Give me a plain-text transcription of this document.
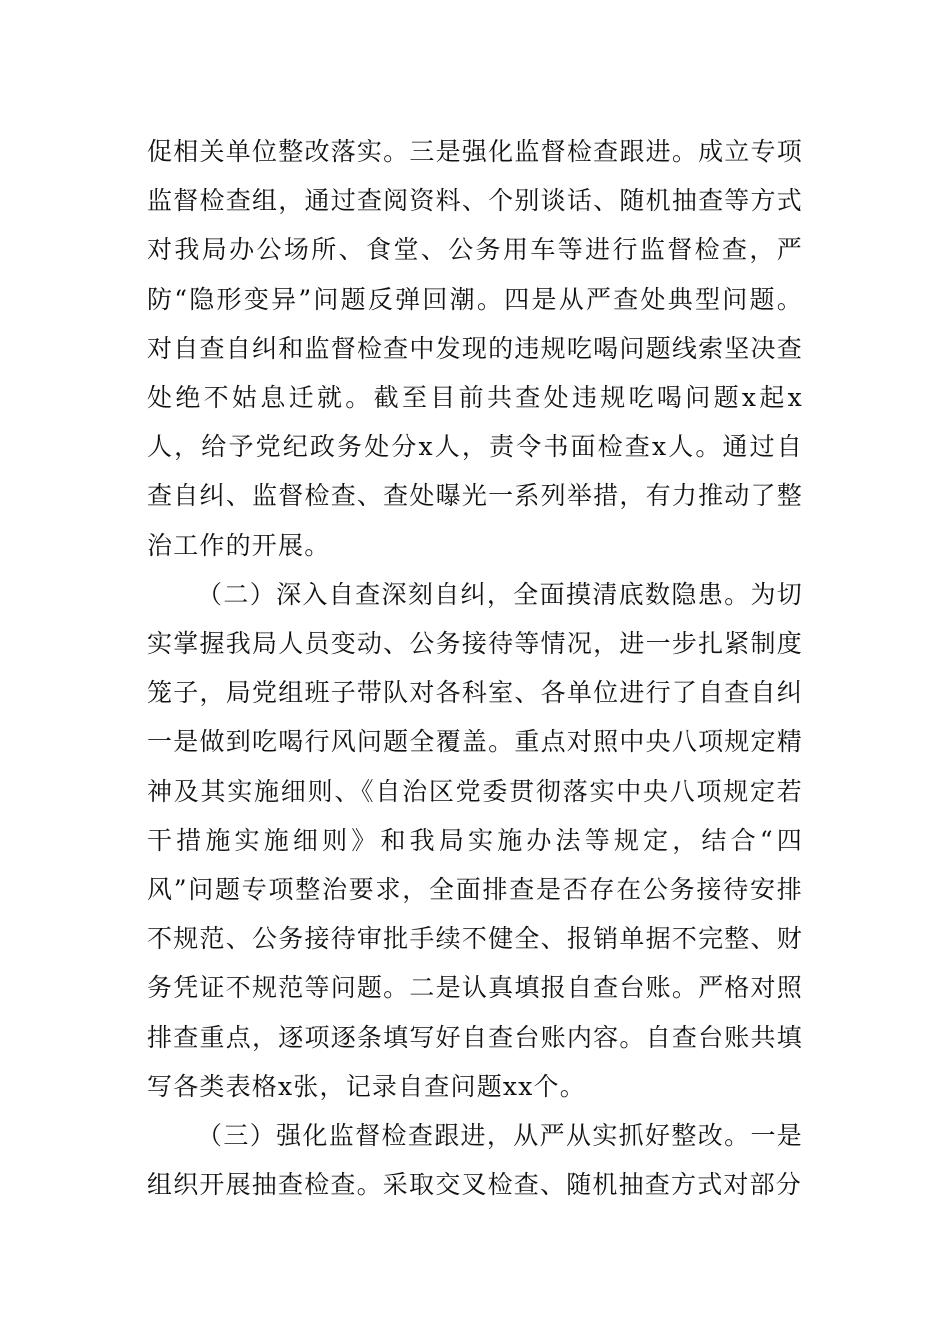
促相关单位整改落实。三是强化监督检查跟进。成立专项监督检查组，通过查阅资料、个别谈话、随机抽查等方式对我局办公场所、食堂、公务用车等进行监督检查，严防“隐形变异”问题反弹回潮。四是从严查处典型问题。对自查自纠和监督检查中发现的违规吃喝问题线索坚决查处绝不姑息迁就。截至目前共查处违规吃喝问题x起x人，给予党纪政务处分x人，责令书面检查x人。通过自查自纠、监督检查、查处曝光一系列举措，有力推动了整治工作的开展。

（二）深入自查深刻自纠，全面摸清底数隐患。为切实掌握我局人员变动、公务接待等情况，进一步扎紧制度笼子，局党组班子带队对各科室、各单位进行了自查自纠一是做到吃喝行风问题全覆盖。重点对照中央八项规定精神及其实施细则、《自治区党委贯彻落实中央八项规定若干措施实施细则》和我局实施办法等规定，结合“四风”问题专项整治要求，全面排查是否存在公务接待安排不规范、公务接待审批手续不健全、报销单据不完整、财务凭证不规范等问题。二是认真填报自查台账。严格对照排查重点，逐项逐条填写好自查台账内容。自查台账共填写各类表格x张，记录自查问题xx个。

（三）强化监督检查跟进，从严从实抓好整改。一是组织开展抽查检查。采取交叉检查、随机抽查方式对部分
